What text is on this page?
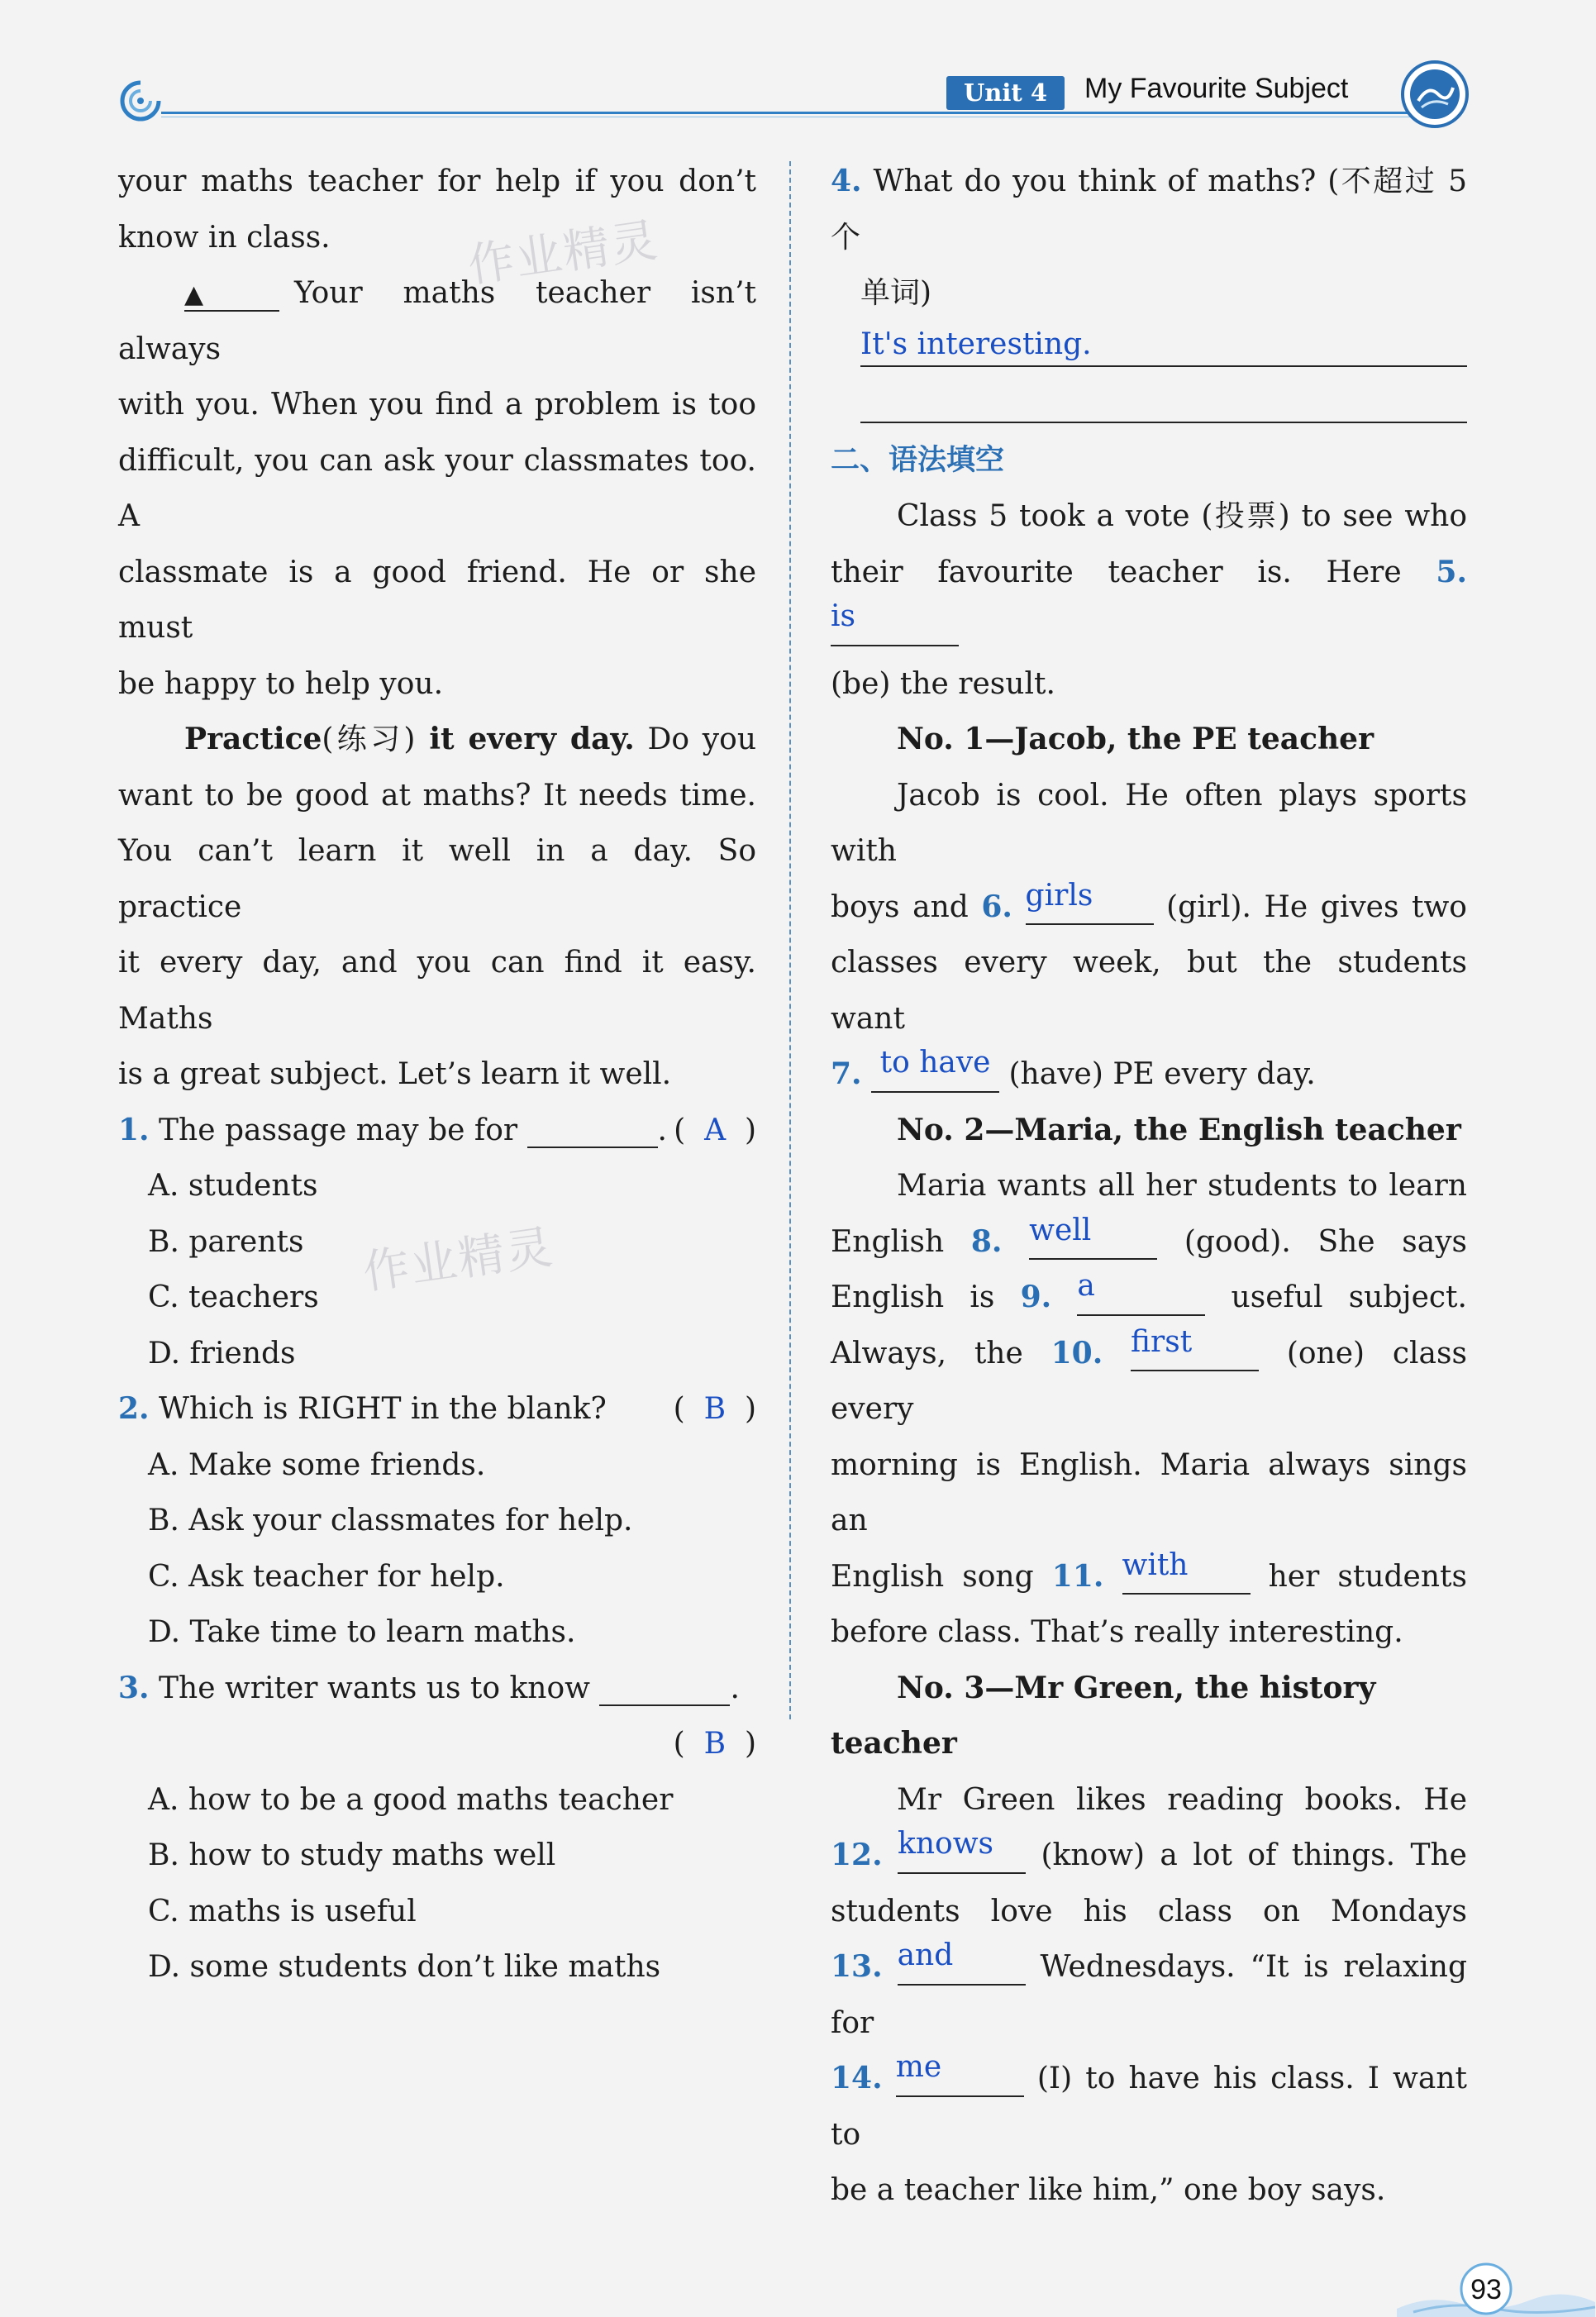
Unit 4	My Favourite Subject
作业精灵
作业精灵

your maths teacher for help if you don’t

know in class.

▲	Your maths teacher isn’t always

with you. When you find a problem is too

difficult, you can ask your classmates too. A

classmate is a good friend. He or she must

be happy to help you.

Practice(练习) it every day. Do you

want to be good at maths? It needs time.

You can’t learn it well in a day. So practice

it every day, and you can find it easy. Maths

is a great subject. Let’s learn it well.

1. The passage may be for	. (  A  )

A. students

B. parents

C. teachers

D. friends

2. Which is RIGHT in the blank? (  B  )

A. Make some friends.

B. Ask your classmates for help.

C. Ask teacher for help.

D. Take time to learn maths.

3. The writer wants us to know	.

(  B  )

A. how to be a good maths teacher

B. how to study maths well

C. maths is useful

D. some students don’t like maths

4. What do you think of maths? (不超过 5 个

单词)

It's interesting.

二、语法填空

Class 5 took a vote (投票) to see who

their favourite teacher is. Here 5. is

(be) the result.

No. 1—Jacob, the PE teacher

Jacob is cool. He often plays sports with

boys and 6. girls (girl). He gives two

classes every week, but the students want

7. to have (have) PE every day.

No. 2—Maria, the English teacher

Maria wants all her students to learn

English 8. well	(good). She says

English is 9. a	useful subject.

Always, the 10. first	(one) class every

morning is English. Maria always sings an

English song 11. with	her students

before class. That’s really interesting.

No. 3—Mr Green, the history teacher

Mr Green likes reading books. He

12. knows (know) a lot of things. The

students love his class on Mondays

13. and	Wednesdays. “It is relaxing for

14. me	(I) to have his class. I want to

be a teacher like him,” one boy says.

93
